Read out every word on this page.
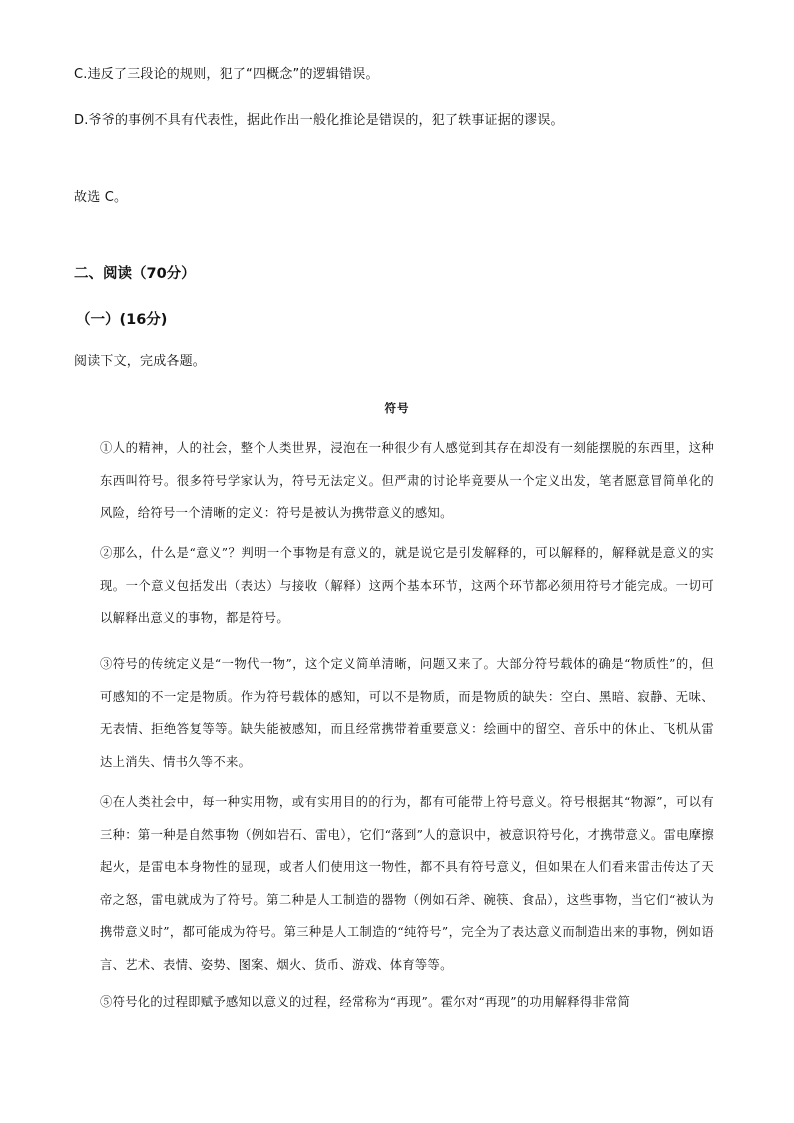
C.违反了三段论的规则，犯了“四概念”的逻辑错误。
D.爷爷的事例不具有代表性，据此作出一般化推论是错误的，犯了轶事证据的谬误。
故选 C。
二、阅读（70分）
（一）(16分)
阅读下文，完成各题。
符号

①人的精神，人的社会，整个人类世界，浸泡在一种很少有人感觉到其存在却没有一刻能摆脱的东西里，这种东西叫符号。很多符号学家认为，符号无法定义。但严肃的讨论毕竟要从一个定义出发，笔者愿意冒简单化的风险，给符号一个清晰的定义：符号是被认为携带意义的感知。

②那么，什么是“意义”？判明一个事物是有意义的，就是说它是引发解释的，可以解释的，解释就是意义的实现。一个意义包括发出（表达）与接收（解释）这两个基本环节，这两个环节都必须用符号才能完成。一切可以解释出意义的事物，都是符号。

③符号的传统定义是“一物代一物”，这个定义简单清晰，问题又来了。大部分符号载体的确是“物质性”的，但可感知的不一定是物质。作为符号载体的感知，可以不是物质，而是物质的缺失：空白、黑暗、寂静、无味、无表情、拒绝答复等等。缺失能被感知，而且经常携带着重要意义：绘画中的留空、音乐中的休止、飞机从雷达上消失、情书久等不来。

④在人类社会中，每一种实用物，或有实用目的的行为，都有可能带上符号意义。符号根据其“物源”，可以有三种：第一种是自然事物（例如岩石、雷电），它们“落到”人的意识中，被意识符号化，才携带意义。雷电摩擦起火，是雷电本身物性的显现，或者人们使用这一物性，都不具有符号意义，但如果在人们看来雷击传达了天帝之怒，雷电就成为了符号。第二种是人工制造的器物（例如石斧、碗筷、食品），这些事物，当它们“被认为携带意义时”，都可能成为符号。第三种是人工制造的“纯符号”，完全为了表达意义而制造出来的事物，例如语言、艺术、表情、姿势、图案、烟火、货币、游戏、体育等等。

⑤符号化的过程即赋予感知以意义的过程，经常称为“再现”。霍尔对“再现”的功用解释得非常简
